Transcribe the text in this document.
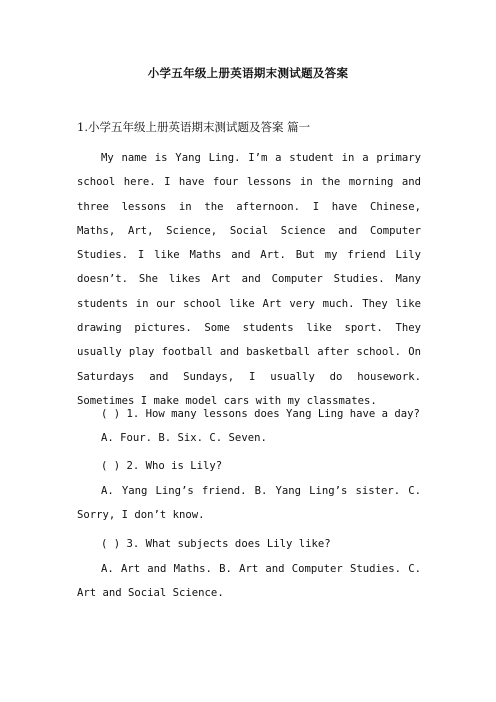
小学五年级上册英语期末测试题及答案
1.小学五年级上册英语期末测试题及答案 篇一
My name is Yang Ling. I’m a student in a primary school here. I have four lessons in the morning and three lessons in the afternoon. I have Chinese, Maths, Art, Science, Social Science and Computer Studies. I like Maths and Art. But my friend Lily doesn’t. She likes Art and Computer Studies. Many students in our school like Art very much. They like drawing pictures. Some students like sport. They usually play football and basketball after school. On Saturdays and Sundays, I usually do housework. Sometimes I make model cars with my classmates.
( ) 1. How many lessons does Yang Ling have a day?
A. Four. B. Six. C. Seven.
( ) 2. Who is Lily?
A. Yang Ling’s friend. B. Yang Ling’s sister. C. Sorry, I don’t know.
( ) 3. What subjects does Lily like?
A. Art and Maths. B. Art and Computer Studies. C. Art and Social Science.
